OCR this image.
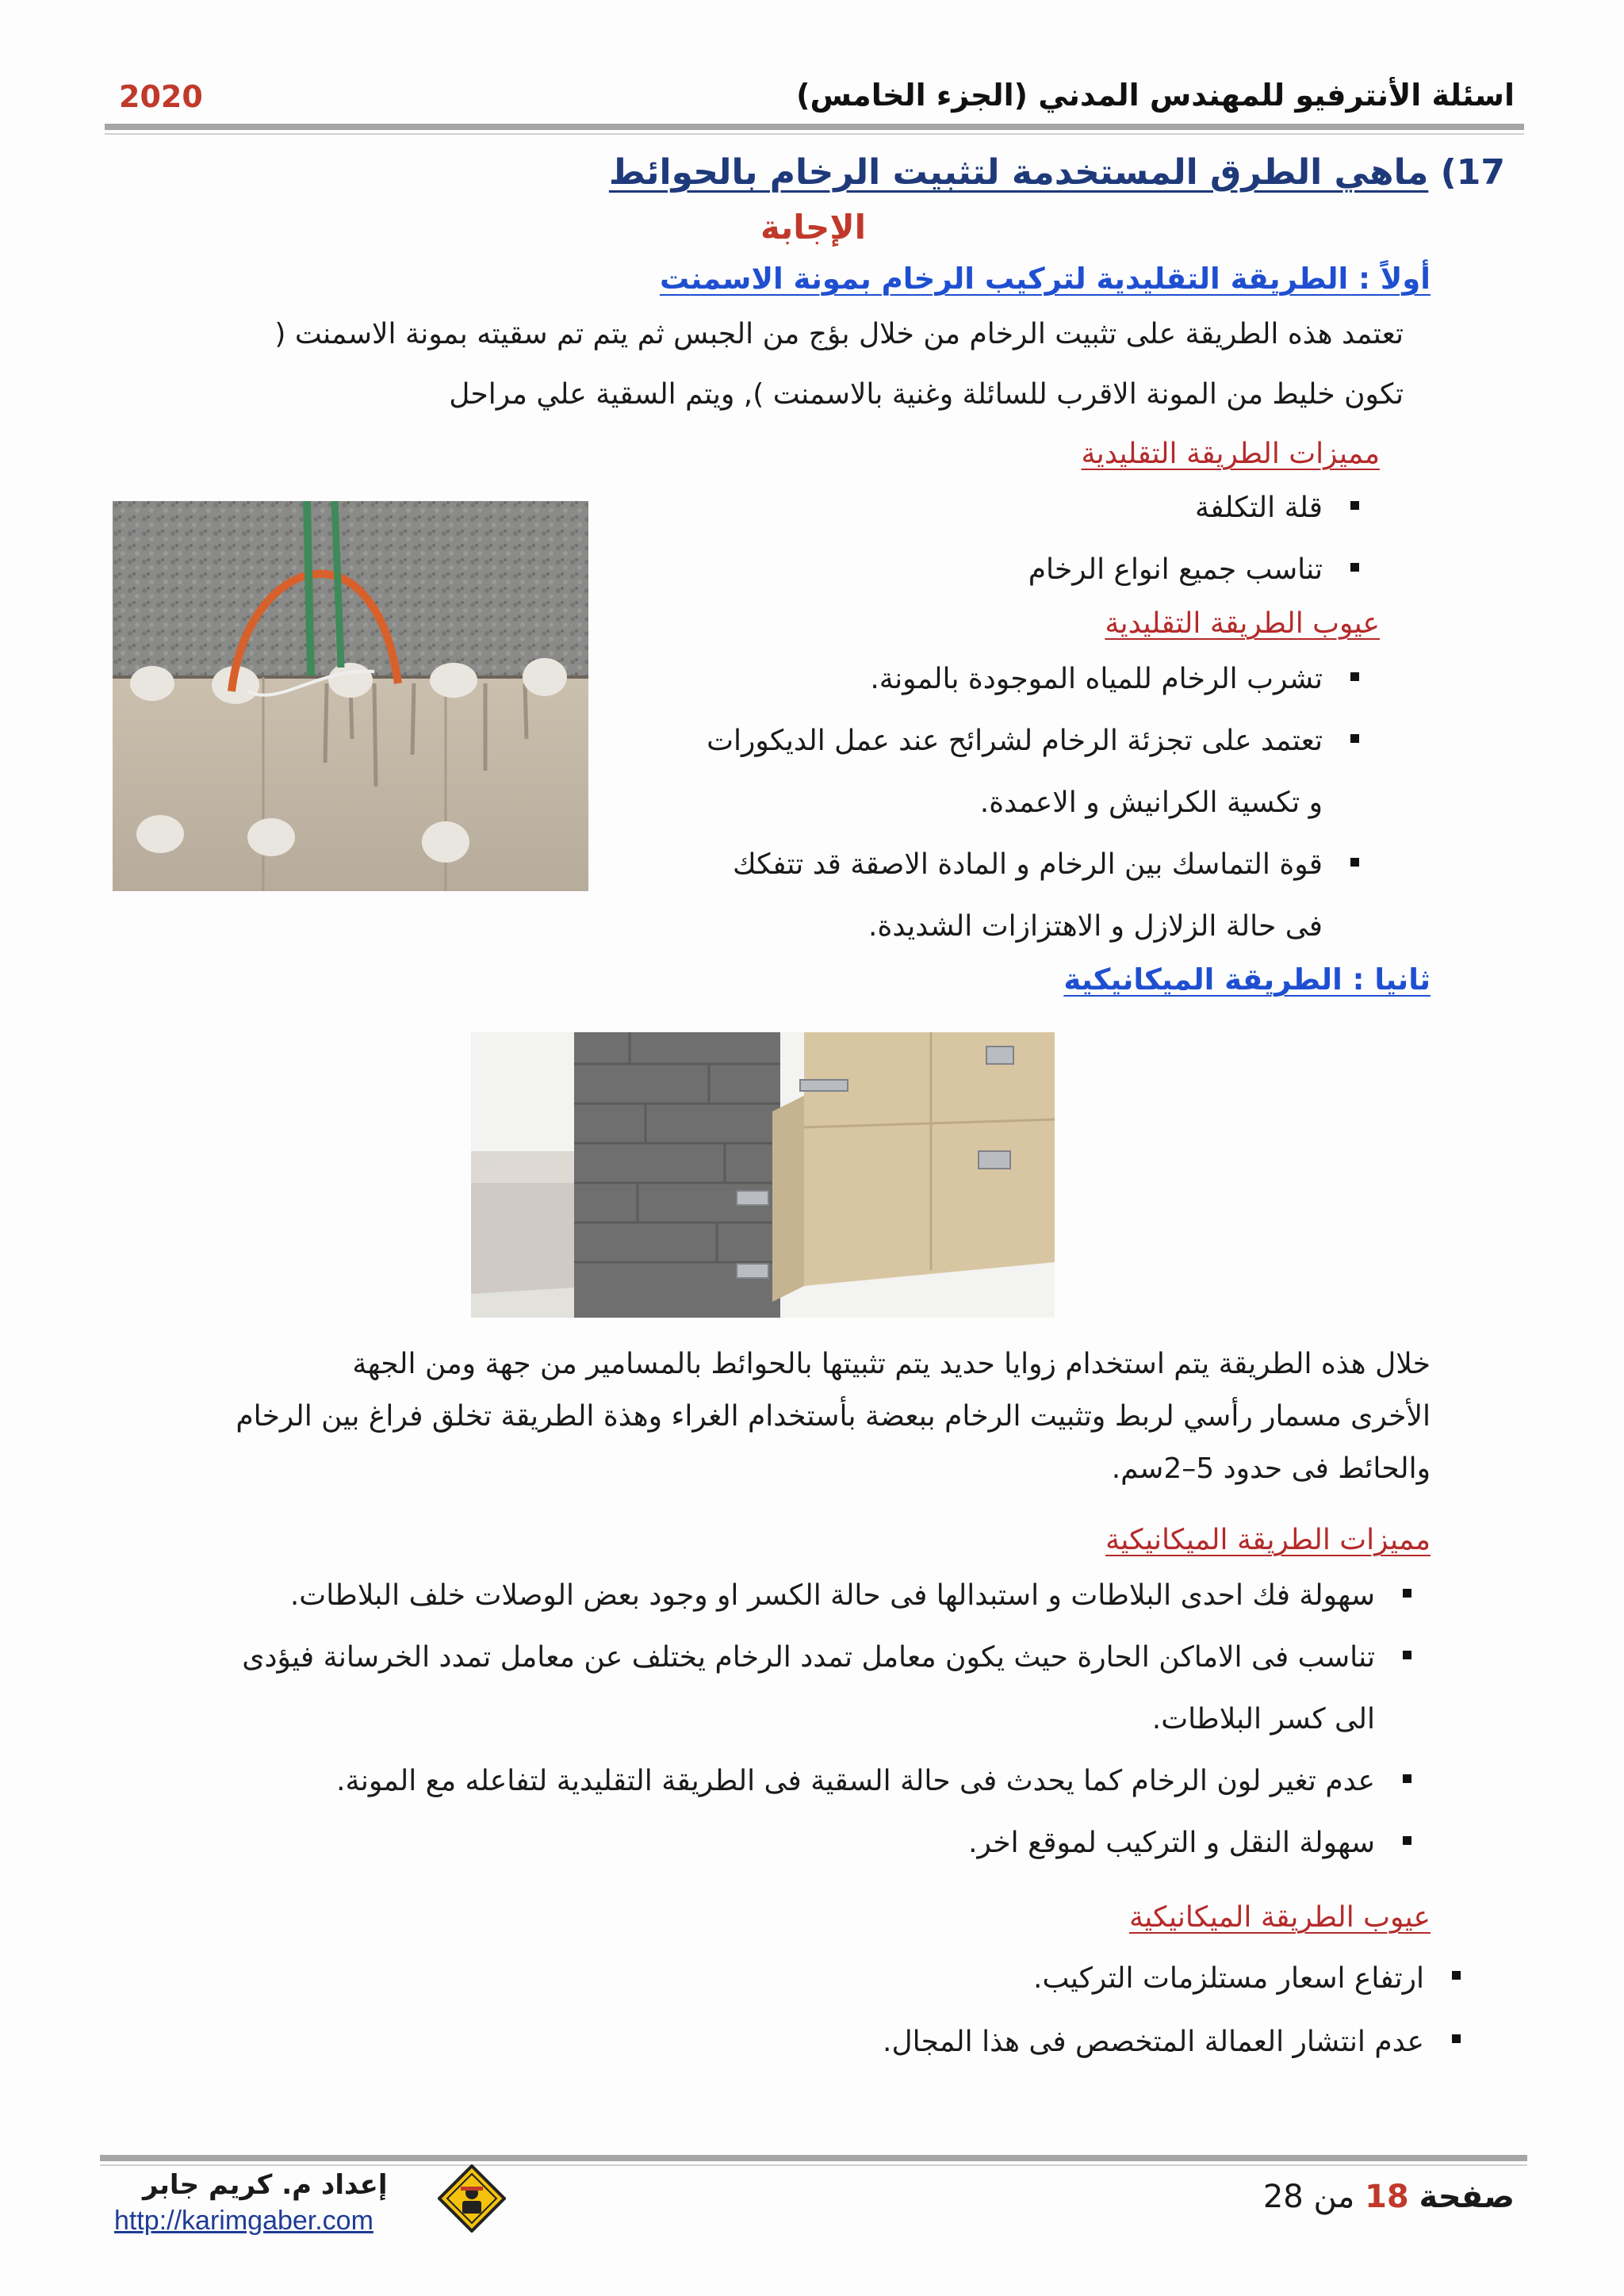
اسئلة الأنترفيو للمهندس المدني (الجزء الخامس)
2020
17) ماهي الطرق المستخدمة لتثبيت الرخام بالحوائط
الإجابة
أولاً : الطريقة التقليدية لتركيب الرخام بمونة الاسمنت
تعتمد هذه الطريقة على تثبيت الرخام من خلال بؤج من الجبس ثم يتم تم سقيته بمونة الاسمنت (
تكون خليط من المونة الاقرب للسائلة وغنية بالاسمنت ), ويتم السقية علي مراحل
مميزات الطريقة التقليدية
قلة التكلفة
تناسب جميع انواع الرخام
عيوب الطريقة التقليدية
تشرب الرخام للمياه الموجودة بالمونة.
تعتمد على تجزئة الرخام لشرائح عند عمل الديكورات
و تكسية الكرانيش و الاعمدة.
قوة التماسك بين الرخام و المادة الاصقة قد تتفكك
فى حالة الزلازل و الاهتزازات الشديدة.
ثانيا : الطريقة الميكانيكية
خلال هذه الطريقة يتم استخدام زوايا حديد يتم تثبيتها بالحوائط بالمسامير من جهة ومن الجهة
الأخرى مسمار رأسي لربط وتثبيت الرخام ببعضة بأستخدام الغراء وهذة الطريقة تخلق فراغ بين الرخام
والحائط فى حدود 5–2سم.
مميزات الطريقة الميكانيكية
سهولة فك احدى البلاطات و استبدالها فى حالة الكسر او وجود بعض الوصلات خلف البلاطات.
تناسب فى الاماكن الحارة حيث يكون معامل تمدد الرخام يختلف عن معامل تمدد الخرسانة فيؤدى
الى كسر البلاطات.
عدم تغير لون الرخام كما يحدث فى حالة السقية فى الطريقة التقليدية لتفاعله مع المونة.
سهولة النقل و التركيب لموقع اخر.
عيوب الطريقة الميكانيكية
ارتفاع اسعار مستلزمات التركيب.
عدم انتشار العمالة المتخصص فى هذا المجال.
إعداد م. كريم جابر
http://karimgaber.com
صفحة 18 من 28
